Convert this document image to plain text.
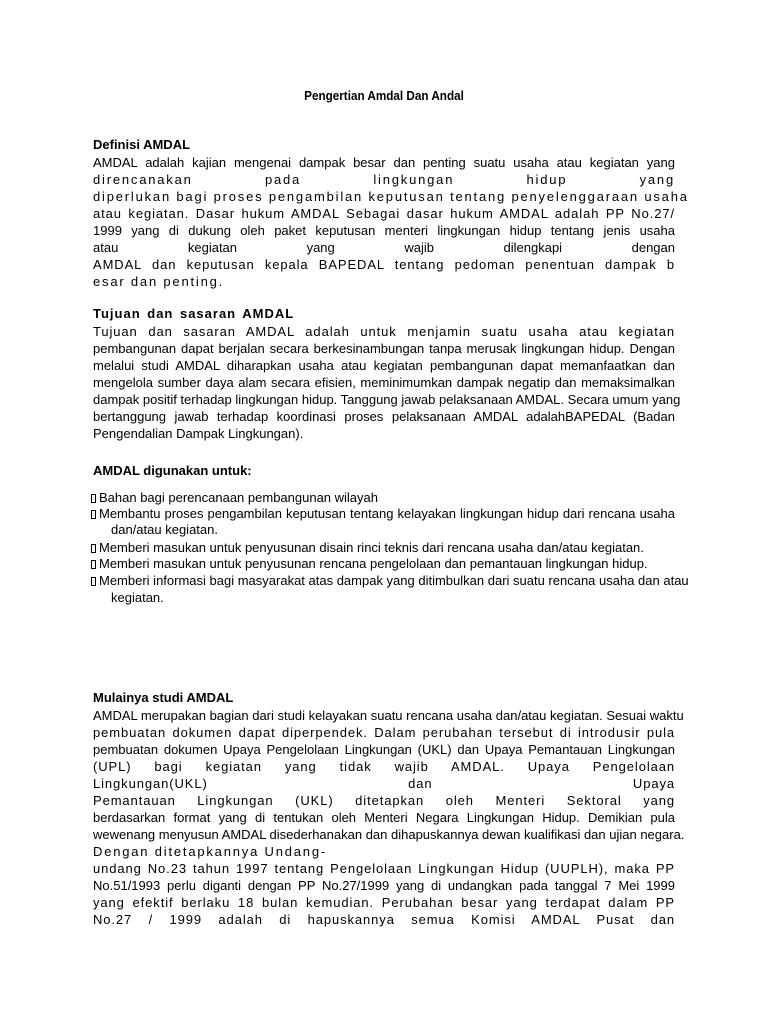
Pengertian Amdal Dan Andal
Definisi AMDAL
AMDAL adalah kajian mengenai dampak besar dan penting suatu usaha atau kegiatan yang
direncanakan pada lingkungan hidup yang
diperlukan bagi proses pengambilan keputusan tentang penyelenggaraan usaha
atau kegiatan. Dasar hukum AMDAL Sebagai dasar hukum AMDAL adalah PP No.27/
1999 yang di dukung oleh paket keputusan menteri lingkungan hidup tentang jenis usaha
atau kegiatan yang wajib dilengkapi dengan
AMDAL dan keputusan kepala BAPEDAL tentang pedoman penentuan dampak b
esar dan penting.
Tujuan dan sasaran AMDAL
Tujuan dan sasaran AMDAL adalah untuk menjamin suatu usaha atau kegiatan
pembangunan dapat berjalan secara berkesinambungan tanpa merusak lingkungan hidup. Dengan
melalui studi AMDAL diharapkan usaha atau kegiatan pembangunan dapat memanfaatkan dan
mengelola sumber daya alam secara efisien, meminimumkan dampak negatip dan memaksimalkan
dampak positif terhadap lingkungan hidup. Tanggung jawab pelaksanaan AMDAL. Secara umum yang
bertanggung jawab terhadap koordinasi proses pelaksanaan AMDAL adalahBAPEDAL (Badan
Pengendalian Dampak Lingkungan).
AMDAL digunakan untuk:
Bahan bagi perencanaan pembangunan wilayah
Membantu proses pengambilan keputusan tentang kelayakan lingkungan hidup dari rencana usaha
dan/atau kegiatan.
Memberi masukan untuk penyusunan disain rinci teknis dari rencana usaha dan/atau kegiatan.
Memberi masukan untuk penyusunan rencana pengelolaan dan pemantauan lingkungan hidup.
Memberi informasi bagi masyarakat atas dampak yang ditimbulkan dari suatu rencana usaha dan atau
kegiatan.
Mulainya studi AMDAL
AMDAL merupakan bagian dari studi kelayakan suatu rencana usaha dan/atau kegiatan. Sesuai waktu
pembuatan dokumen dapat diperpendek. Dalam perubahan tersebut di introdusir pula
pembuatan dokumen Upaya Pengelolaan Lingkungan (UKL) dan Upaya Pemantauan Lingkungan
(UPL) bagi kegiatan yang tidak wajib AMDAL. Upaya Pengelolaan
Lingkungan(UKL) dan Upaya
Pemantauan Lingkungan (UKL) ditetapkan oleh Menteri Sektoral yang
berdasarkan format yang di tentukan oleh Menteri Negara Lingkungan Hidup. Demikian pula
wewenang menyusun AMDAL disederhanakan dan dihapuskannya dewan kualifikasi dan ujian negara.
Dengan ditetapkannya Undang-
undang No.23 tahun 1997 tentang Pengelolaan Lingkungan Hidup (UUPLH), maka PP
No.51/1993 perlu diganti dengan PP No.27/1999 yang di undangkan pada tanggal 7 Mei 1999
yang efektif berlaku 18 bulan kemudian. Perubahan besar yang terdapat dalam PP
No.27 / 1999 adalah di hapuskannya semua Komisi AMDAL Pusat dan
